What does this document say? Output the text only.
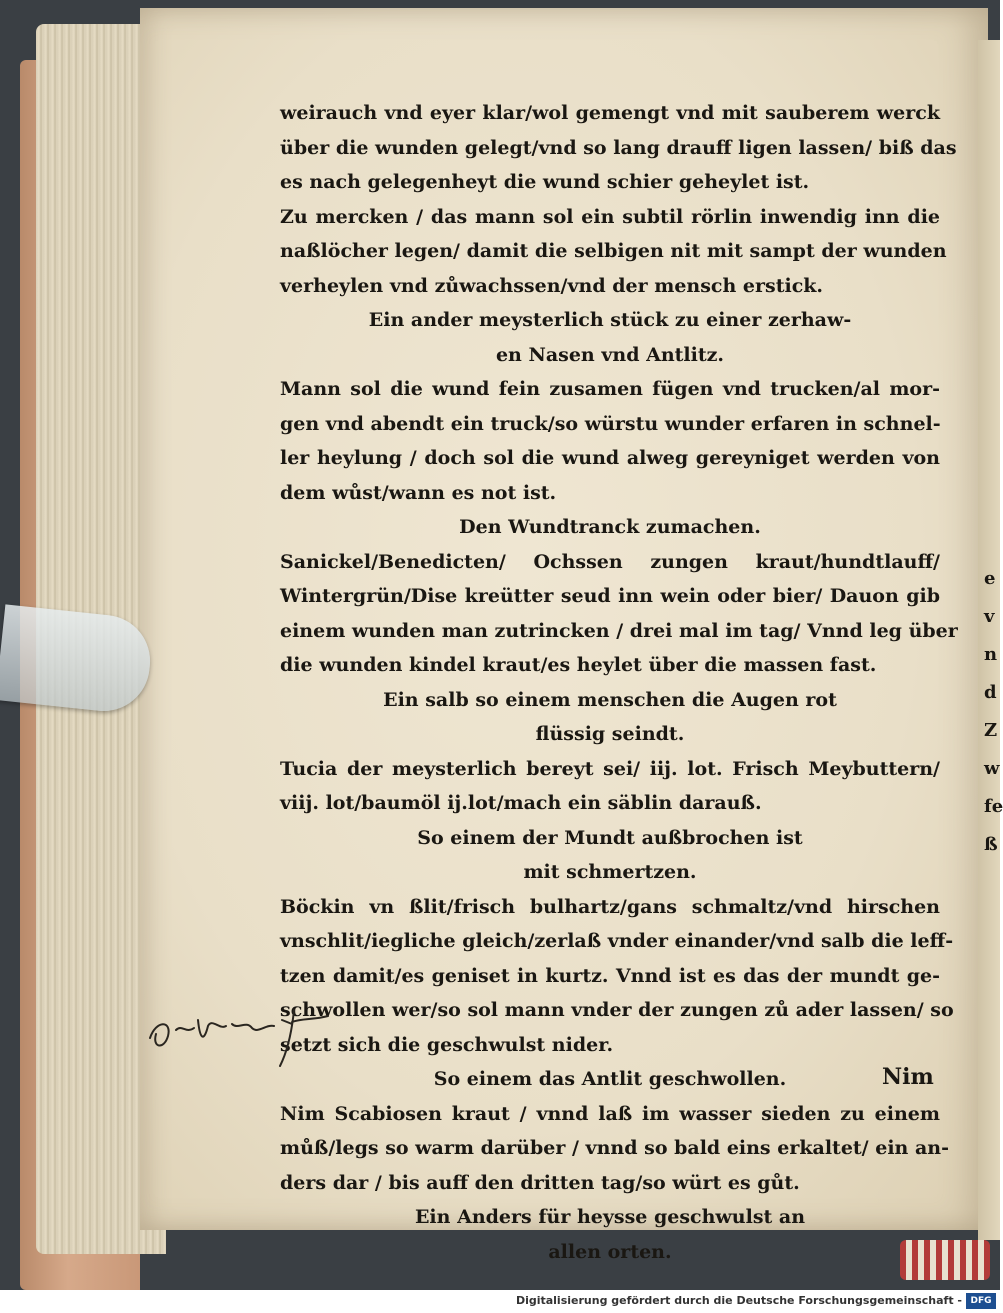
e
v
n
d
Z
w
fe
ß
weirauch vnd eyer klar/wol gemengt vnd mit sauberem werck
über die wunden gelegt/vnd so lang drauff ligen lassen/ biß das
es nach gelegenheyt die wund schier geheylet ist.
Zu mercken / das mann sol ein subtil rörlin inwendig inn die
naßlöcher legen/ damit die selbigen nit mit sampt der wunden
verheylen vnd zůwachssen/vnd der mensch erstick.
Ein ander meysterlich stück zu einer zerhaw-
en Nasen vnd Antlitz.
Mann sol die wund fein zusamen fügen vnd trucken/al mor-
gen vnd abendt ein truck/so würstu wunder erfaren in schnel-
ler heylung / doch sol die wund alweg gereyniget werden von
dem wůst/wann es not ist.
Den Wundtranck zumachen.
Sanickel/Benedicten/ Ochssen zungen kraut/hundtlauff/
Wintergrün/Dise kreütter seud inn wein oder bier/ Dauon gib
einem wunden man zutrincken / drei mal im tag/ Vnnd leg über
die wunden kindel kraut/es heylet über die massen fast.
Ein salb so einem menschen die Augen rot
flüssig seindt.
Tucia der meysterlich bereyt sei/ iij. lot. Frisch Meybuttern/
viij. lot/baumöl ij.lot/mach ein säblin darauß.
So einem der Mundt außbrochen ist
mit schmertzen.
Böckin vn ßlit/frisch bulhartz/gans schmaltz/vnd hirschen
vnschlit/iegliche gleich/zerlaß vnder einander/vnd salb die leff-
tzen damit/es geniset in kurtz. Vnnd ist es das der mundt ge-
schwollen wer/so sol mann vnder der zungen zů ader lassen/ so
setzt sich die geschwulst nider.
So einem das Antlit geschwollen.
Nim Scabiosen kraut / vnnd laß im wasser sieden zu einem
můß/legs so warm darüber / vnnd so bald eins erkaltet/ ein an-
ders dar / bis auff den dritten tag/so würt es gůt.
Ein Anders für heysse geschwulst an
allen orten.
Nim
Digitalisierung gefördert durch die Deutsche Forschungsgemeinschaft - DFG
